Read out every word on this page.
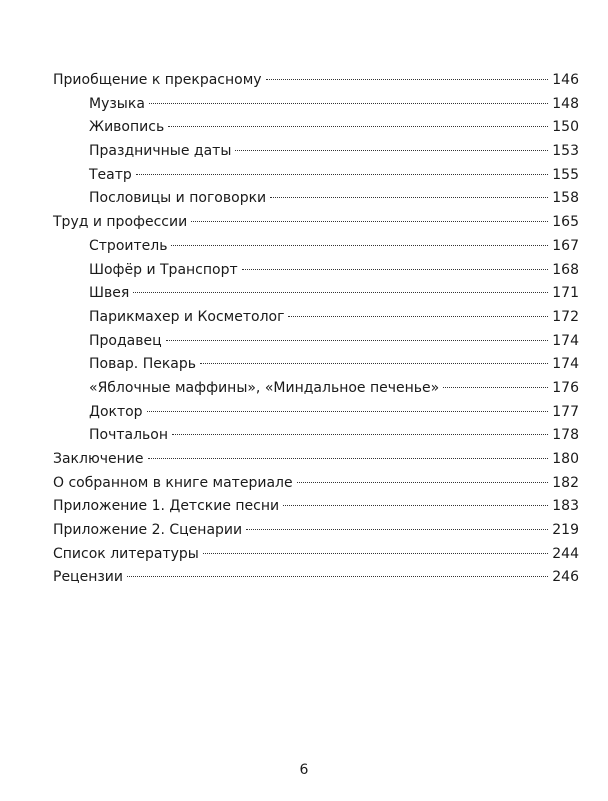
Приобщение к прекрасному	146
Музыка	148
Живопись	150
Праздничные даты	153
Театр	155
Пословицы и поговорки	158
Труд и профессии	165
Строитель	167
Шофёр и Транспорт	168
Швея	171
Парикмахер и Косметолог	172
Продавец	174
Повар. Пекарь	174
«Яблочные маффины», «Миндальное печенье»	176
Доктор	177
Почтальон	178
Заключение	180
О собранном в книге материале	182
Приложение 1. Детские песни	183
Приложение 2. Сценарии	219
Список литературы	244
Рецензии	246
6
